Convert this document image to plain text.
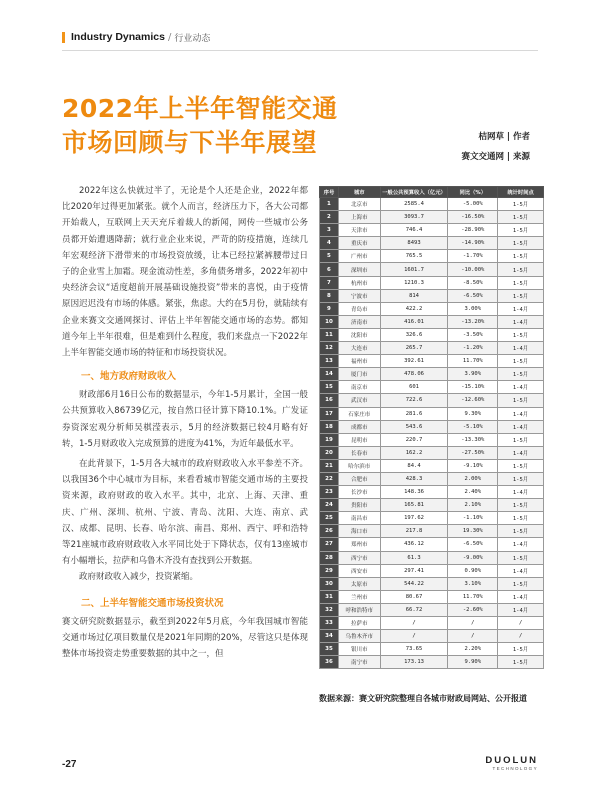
Industry Dynamics / 行业动态
2022年上半年智能交通
市场回顾与下半年展望	桔网草 | 作者
赛文交通网 | 来源

2022年这么快就过半了，无论是个人还是企业，2022年都比2020年过得更加紧张。就个人而言，经济压力下，各大公司都开始裁人，互联网上天天充斥着裁人的新闻，网传一些城市公务员都开始遭遇降薪；就行业企业来说，严苛的防疫措施，连续几年宏观经济下滑带来的市场投资放缓，让本已经拉紧裤腰带过日子的企业雪上加霜。现金流动性差，多角债务增多，2022年初中央经济会议“适度超前开展基础设施投资”带来的喜悦，由于疫情原因迟迟没有市场的体感。紧张，焦虑。大约在5月份，就陆续有企业来赛文交通网探讨、评估上半年智能交通市场的态势。都知道今年上半年很难，但是难到什么程度，我们来盘点一下2022年上半年智能交通市场的特征和市场投资状况。

一、地方政府财政收入

财政部6月16日公布的数据显示，今年1-5月累计，全国一般公共预算收入86739亿元，按自然口径计算下降10.1%。广发证券资深宏观分析师吴棋滢表示，5月的经济数据已较4月略有好转，1-5月财政收入完成预算的进度为41%，为近年最低水平。

在此背景下，1-5月各大城市的政府财政收入水平参差不齐。以我国36个中心城市为目标，来看看城市智能交通市场的主要投资来源，政府财政的收入水平。其中，北京、上海、天津、重庆、广州、深圳、杭州、宁波、青岛、沈阳、大连、南京、武汉、成都、昆明、长春、哈尔滨、南昌、郑州、西宁、呼和浩特等21座城市政府财政收入水平同比处于下降状态，仅有13座城市有小幅增长，拉萨和乌鲁木齐没有查找到公开数据。

政府财政收入减少，投资紧缩。

二、上半年智能交通市场投资状况

赛文研究院数据显示，截至到2022年5月底，今年我国城市智能交通市场过亿项目数量仅是2021年同期的20%，尽管这只是体现整体市场投资走势重要数据的其中之一，但

序号	城市	一般公共预算收入（亿元）	同比（%）	统计时间点
1	北京市	2585.4	-5.00%	1-5月
2	上海市	3093.7	-16.50%	1-5月
3	天津市	746.4	-28.90%	1-5月
4	重庆市	8493	-14.90%	1-5月
5	广州市	765.5	-1.70%	1-5月
6	深圳市	1601.7	-10.00%	1-5月
7	杭州市	1210.3	-8.50%	1-5月
8	宁波市	814	-6.50%	1-5月
9	青岛市	422.2	3.00%	1-4月
10	济南市	416.01	-13.20%	1-4月
11	沈阳市	326.6	-3.50%	1-5月
12	大连市	265.7	-1.20%	1-4月
13	福州市	392.61	11.70%	1-5月
14	厦门市	478.06	3.90%	1-5月
15	南京市	601	-15.10%	1-4月
16	武汉市	722.6	-12.60%	1-5月
17	石家庄市	281.6	9.30%	1-4月
18	成都市	543.6	-5.10%	1-4月
19	昆明市	220.7	-13.30%	1-5月
20	长春市	162.2	-27.50%	1-4月
21	哈尔滨市	84.4	-9.10%	1-5月
22	合肥市	428.3	2.00%	1-5月
23	长沙市	148.36	2.40%	1-4月
24	贵阳市	165.81	2.10%	1-5月
25	南昌市	197.62	-1.10%	1-5月
26	海口市	217.8	19.30%	1-5月
27	郑州市	436.12	-6.50%	1-4月
28	西宁市	61.3	-9.00%	1-5月
29	西安市	297.41	0.90%	1-4月
30	太原市	544.22	3.10%	1-5月
31	兰州市	80.67	11.70%	1-4月
32	呼和浩特市	66.72	-2.60%	1-4月
33	拉萨市	/	/	/
34	乌鲁木齐市	/	/	/
35	银川市	73.65	2.20%	1-5月
36	南宁市	173.13	9.90%	1-5月
数据来源：赛文研究院整理自各城市财政局网站、公开报道
-27	DUOLUN
TECHNOLOGY
